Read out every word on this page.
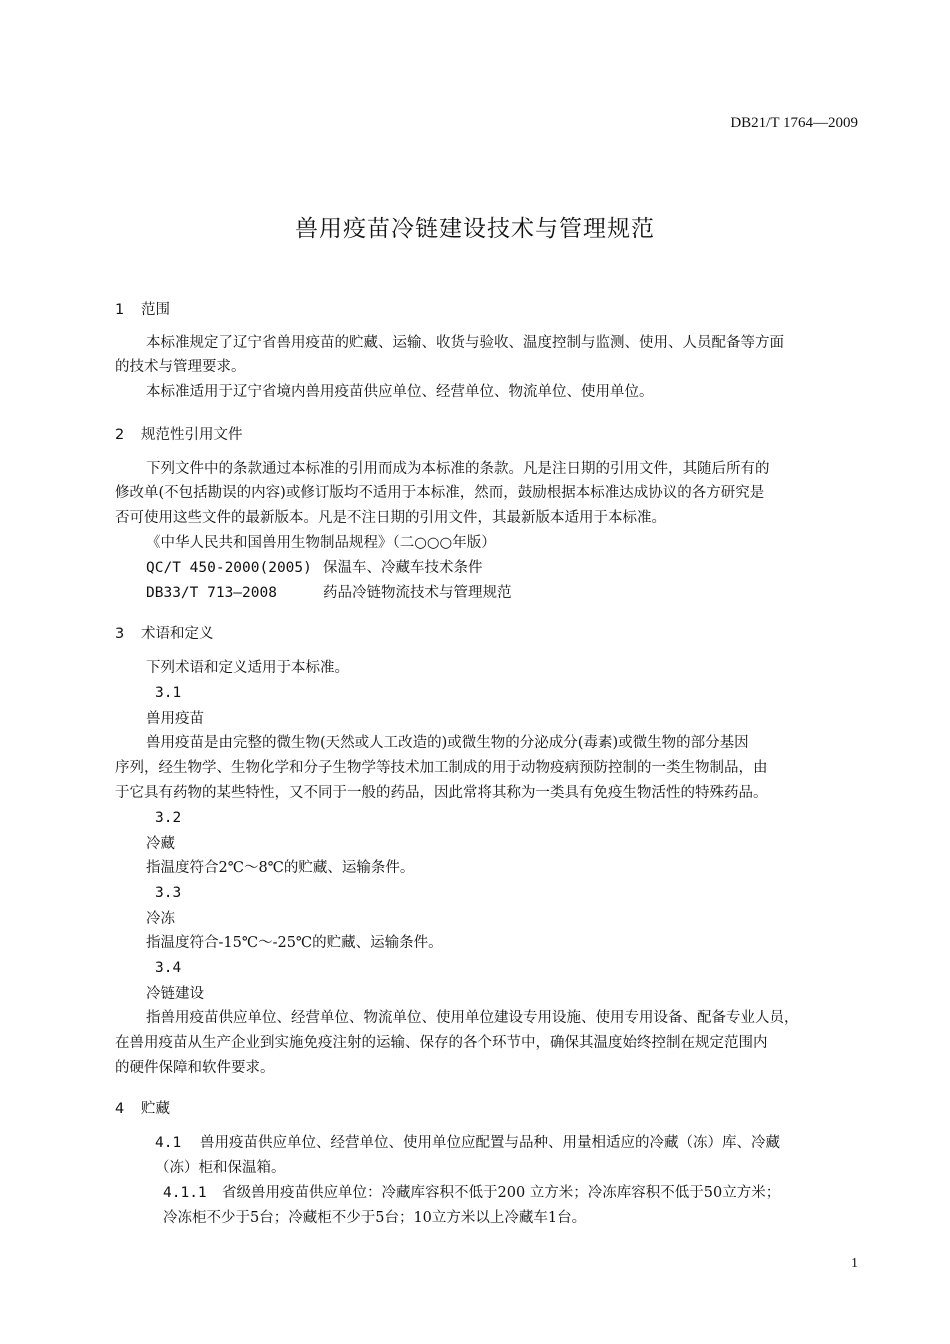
DB21/T 1764—2009
兽用疫苗冷链建设技术与管理规范
1 范围
本标准规定了辽宁省兽用疫苗的贮藏、运输、收货与验收、温度控制与监测、使用、人员配备等方面
的技术与管理要求。
本标准适用于辽宁省境内兽用疫苗供应单位、经营单位、物流单位、使用单位。
2 规范性引用文件
下列文件中的条款通过本标准的引用而成为本标准的条款。凡是注日期的引用文件，其随后所有的
修改单(不包括勘误的内容)或修订版均不适用于本标准，然而，鼓励根据本标准达成协议的各方研究是
否可使用这些文件的最新版本。凡是不注日期的引用文件，其最新版本适用于本标准。
《中华人民共和国兽用生物制品规程》（二○○○年版）
QC/T 450-2000(2005) 保温车、冷藏车技术条件
DB33/T 713—2008	药品冷链物流技术与管理规范
3 术语和定义
下列术语和定义适用于本标准。
3.1
兽用疫苗
兽用疫苗是由完整的微生物(天然或人工改造的)或微生物的分泌成分(毒素)或微生物的部分基因
序列，经生物学、生物化学和分子生物学等技术加工制成的用于动物疫病预防控制的一类生物制品，由
于它具有药物的某些特性，又不同于一般的药品，因此常将其称为一类具有免疫生物活性的特殊药品。
3.2
冷藏
指温度符合2℃～8℃的贮藏、运输条件。
3.3
冷冻
指温度符合-15℃～-25℃的贮藏、运输条件。
3.4
冷链建设
指兽用疫苗供应单位、经营单位、物流单位、使用单位建设专用设施、使用专用设备、配备专业人员，
在兽用疫苗从生产企业到实施免疫注射的运输、保存的各个环节中，确保其温度始终控制在规定范围内
的硬件保障和软件要求。
4 贮藏
4.1 兽用疫苗供应单位、经营单位、使用单位应配置与品种、用量相适应的冷藏（冻）库、冷藏
（冻）柜和保温箱。
4.1.1 省级兽用疫苗供应单位：冷藏库容积不低于200 立方米；冷冻库容积不低于50立方米；
冷冻柜不少于5台；冷藏柜不少于5台；10立方米以上冷藏车1台。
1
